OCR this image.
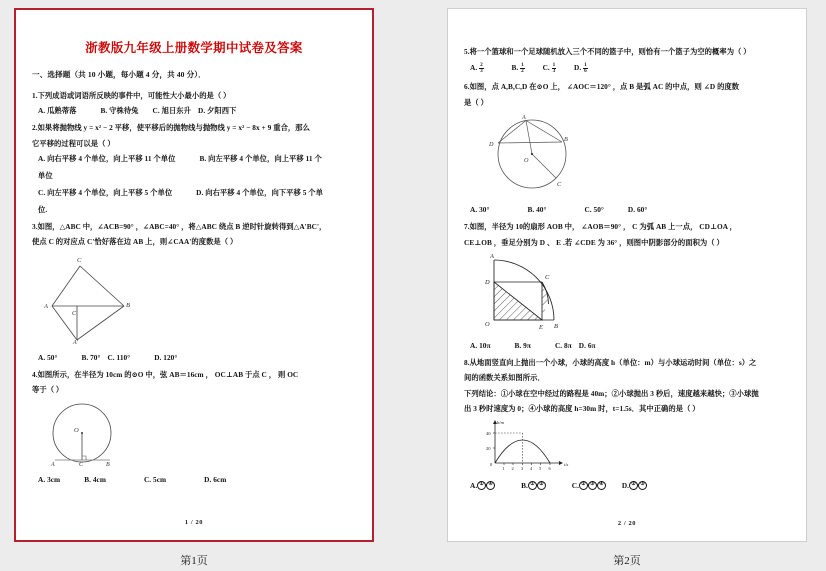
浙教版九年级上册数学期中试卷及答案
一、选择题（共 10 小题，每小题 4 分，共 40 分）．
1.下列成语或词语所反映的事件中，可能性大小最小的是（ ）
A. 瓜熟蒂落	B. 守株待兔 C. 旭日东升 D. 夕阳西下
2.如果将抛物线 y = x² − 2 平移，使平移后的抛物线与抛物线 y = x² − 8x + 9 重合，那么
它平移的过程可以是（ ）
A. 向右平移 4 个单位，向上平移 11 个单位	B. 向左平移 4 个单位，向上平移 11 个
单位
C. 向左平移 4 个单位，向上平移 5 个单位	D. 向右平移 4 个单位，向下平移 5 个单
位.
3.如图，△ABC 中，∠ACB=90° ，∠ABC=40° ，将△ABC 绕点 B 逆时针旋转得到△A'BC'，
使点 C 的对应点 C'恰好落在边 AB 上，则∠CAA'的度数是（ ）
C
A
C'
B
A'
A. 50°	B. 70° C. 110°	D. 120°
4.如图所示，在半径为 10cm 的⊙O 中，弦 AB＝16cm ， OC⊥AB 于点 C ， 则 OC
等于（ ）
O
A	C	B
A. 3cm	B. 4cm	C. 5cm	D. 6cm
1 / 20
5.将一个篮球和一个足球随机放入三个不同的篮子中，则恰有一个篮子为空的概率为（ ）
A. $\frac{2}{3}$	B. $\frac{1}{2} C$. $\frac{1}{3} D$. $\frac{1}{6}$
6.如图，点 A,B,C,D 在⊙O 上， ∠AOC＝120° ，点 B 是弧 AC 的中点，则 ∠D 的度数
是（ ）
A
B
D
O
C
A. 30°	B. 40°	C. 50°	D. 60°
7.如图，半径为 10的扇形 AOB 中， ∠AOB＝90° ， C 为弧 AB 上一点， CD⊥OA ，
CE⊥OB ，垂足分别为 D 、 E .若 ∠CDE 为 36° ，则图中阴影部分的面积为（ ）
A
D
C
O	E B
A. 10π	B. 9π	C. 8π D. 6π
8.从地面竖直向上抛出一个小球，小球的高度 h（单位：m）与小球运动时间（单位：s）之
间的函数关系如图所示．
下列结论：①小球在空中经过的路程是 40m；②小球抛出 3 秒后，速度越来越快；③小球抛
出 3 秒时速度为 0；④小球的高度 h=30m 时，t=1.5s．其中正确的是（ ）
h/m
t/s
40
20
0
1 2 3 4 5 6
A. ① ④	B. ① ②	C. ② ③ ④ D. ② ③
2 / 20
第1页	第2页
